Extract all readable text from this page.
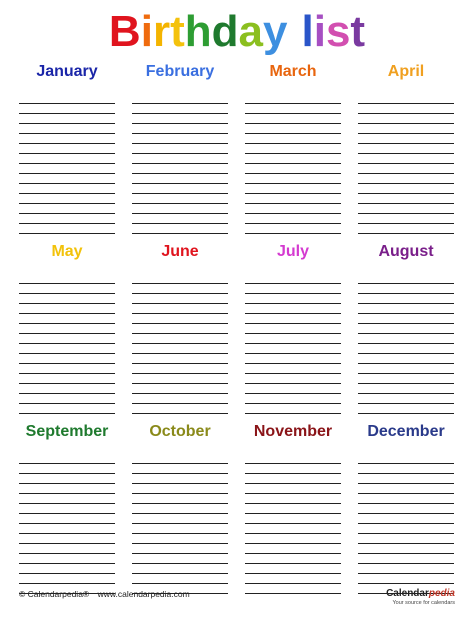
Birthday list
January	February	March	April
May	June	July	August
September	October	November	December
© Calendarpedia® www.calendarpedia.com	Calendarpedia
Your source for calendars
